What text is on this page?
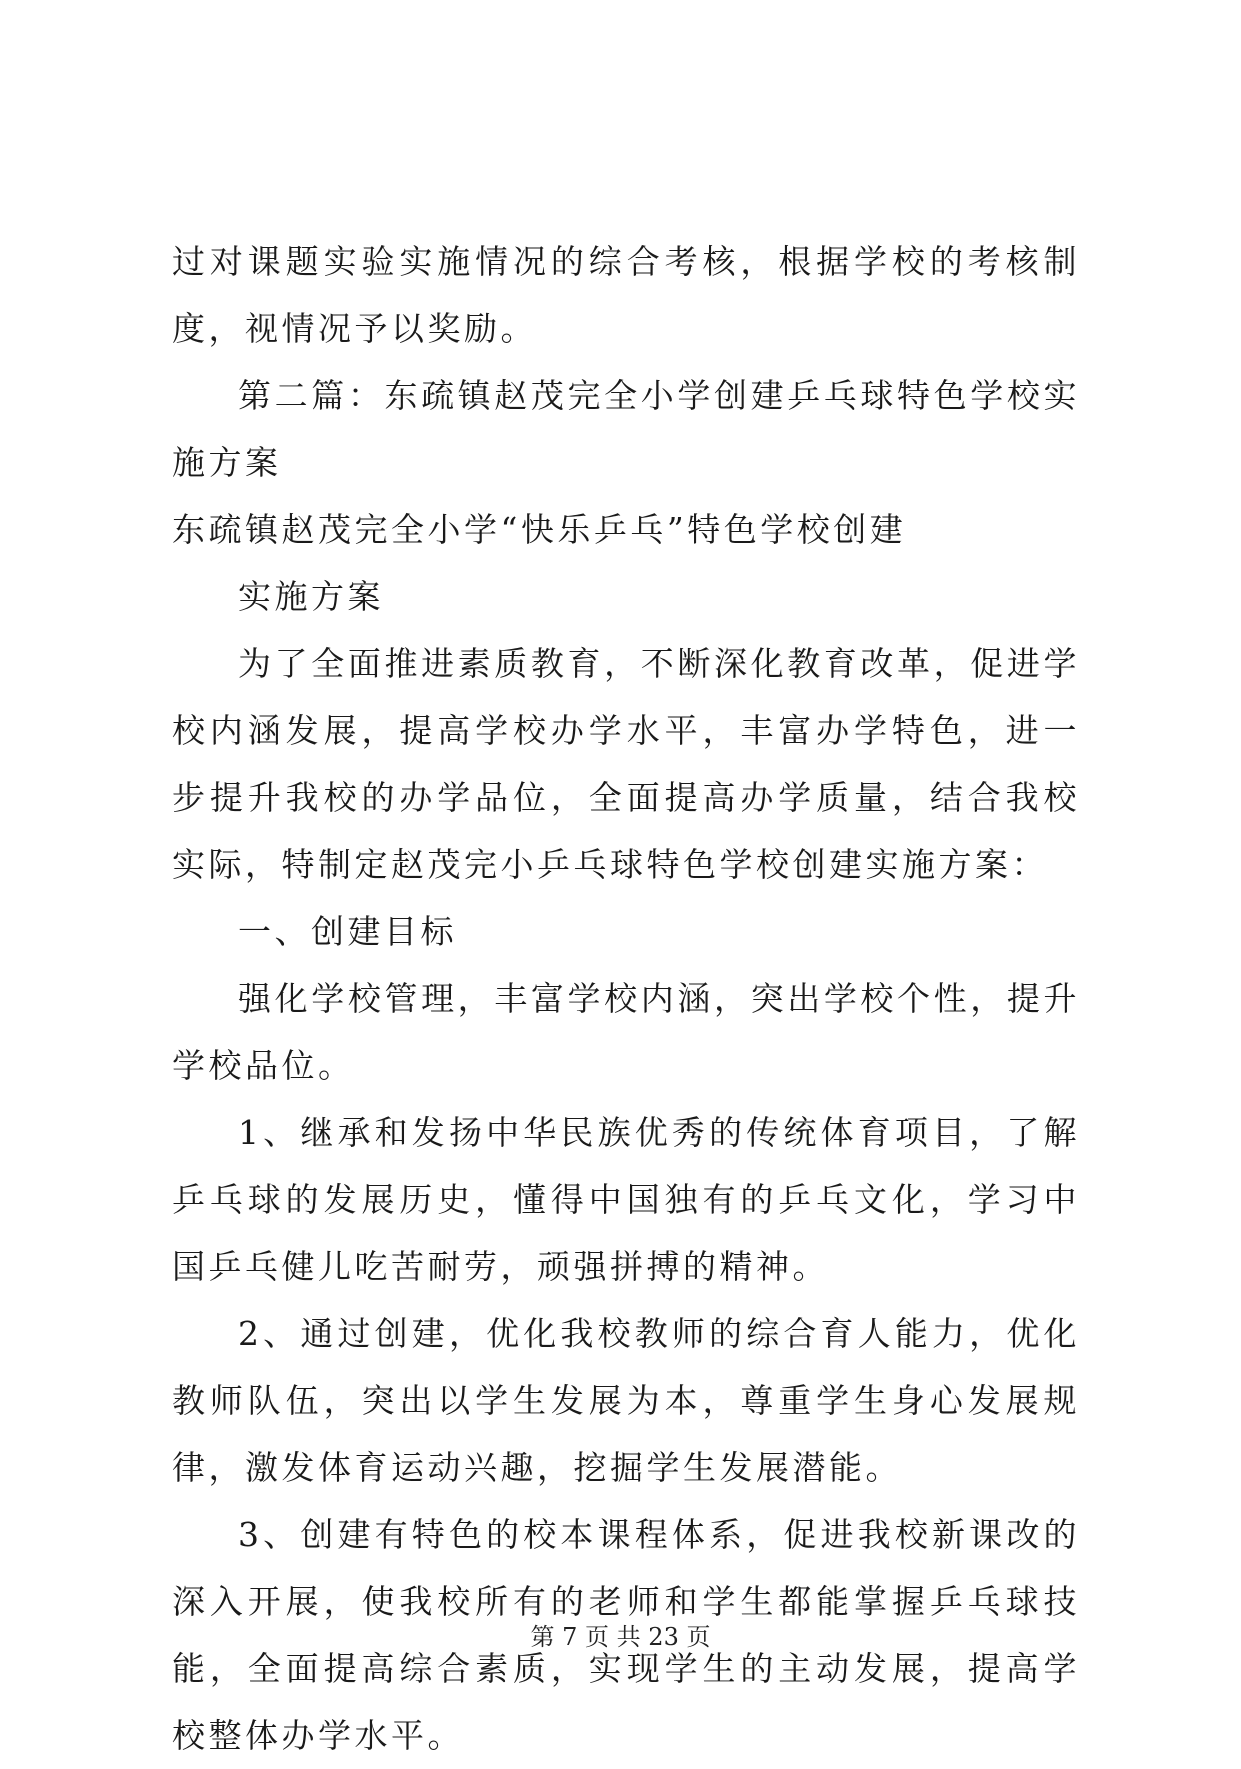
过对课题实验实施情况的综合考核，根据学校的考核制度，视情况予以奖励。

第二篇：东疏镇赵茂完全小学创建乒乓球特色学校实施方案

东疏镇赵茂完全小学“快乐乒乓”特色学校创建

实施方案

为了全面推进素质教育，不断深化教育改革，促进学校内涵发展，提高学校办学水平，丰富办学特色，进一步提升我校的办学品位，全面提高办学质量，结合我校实际，特制定赵茂完小乒乓球特色学校创建实施方案：

一、创建目标

强化学校管理，丰富学校内涵，突出学校个性，提升学校品位。

1、继承和发扬中华民族优秀的传统体育项目，了解乒乓球的发展历史，懂得中国独有的乒乓文化，学习中国乒乓健儿吃苦耐劳，顽强拼搏的精神。

2、通过创建，优化我校教师的综合育人能力，优化教师队伍，突出以学生发展为本，尊重学生身心发展规律，激发体育运动兴趣，挖掘学生发展潜能。

3、创建有特色的校本课程体系，促进我校新课改的深入开展，使我校所有的老师和学生都能掌握乒乓球技能，全面提高综合素质，实现学生的主动发展，提高学校整体办学水平。

第 7 页 共 23 页
